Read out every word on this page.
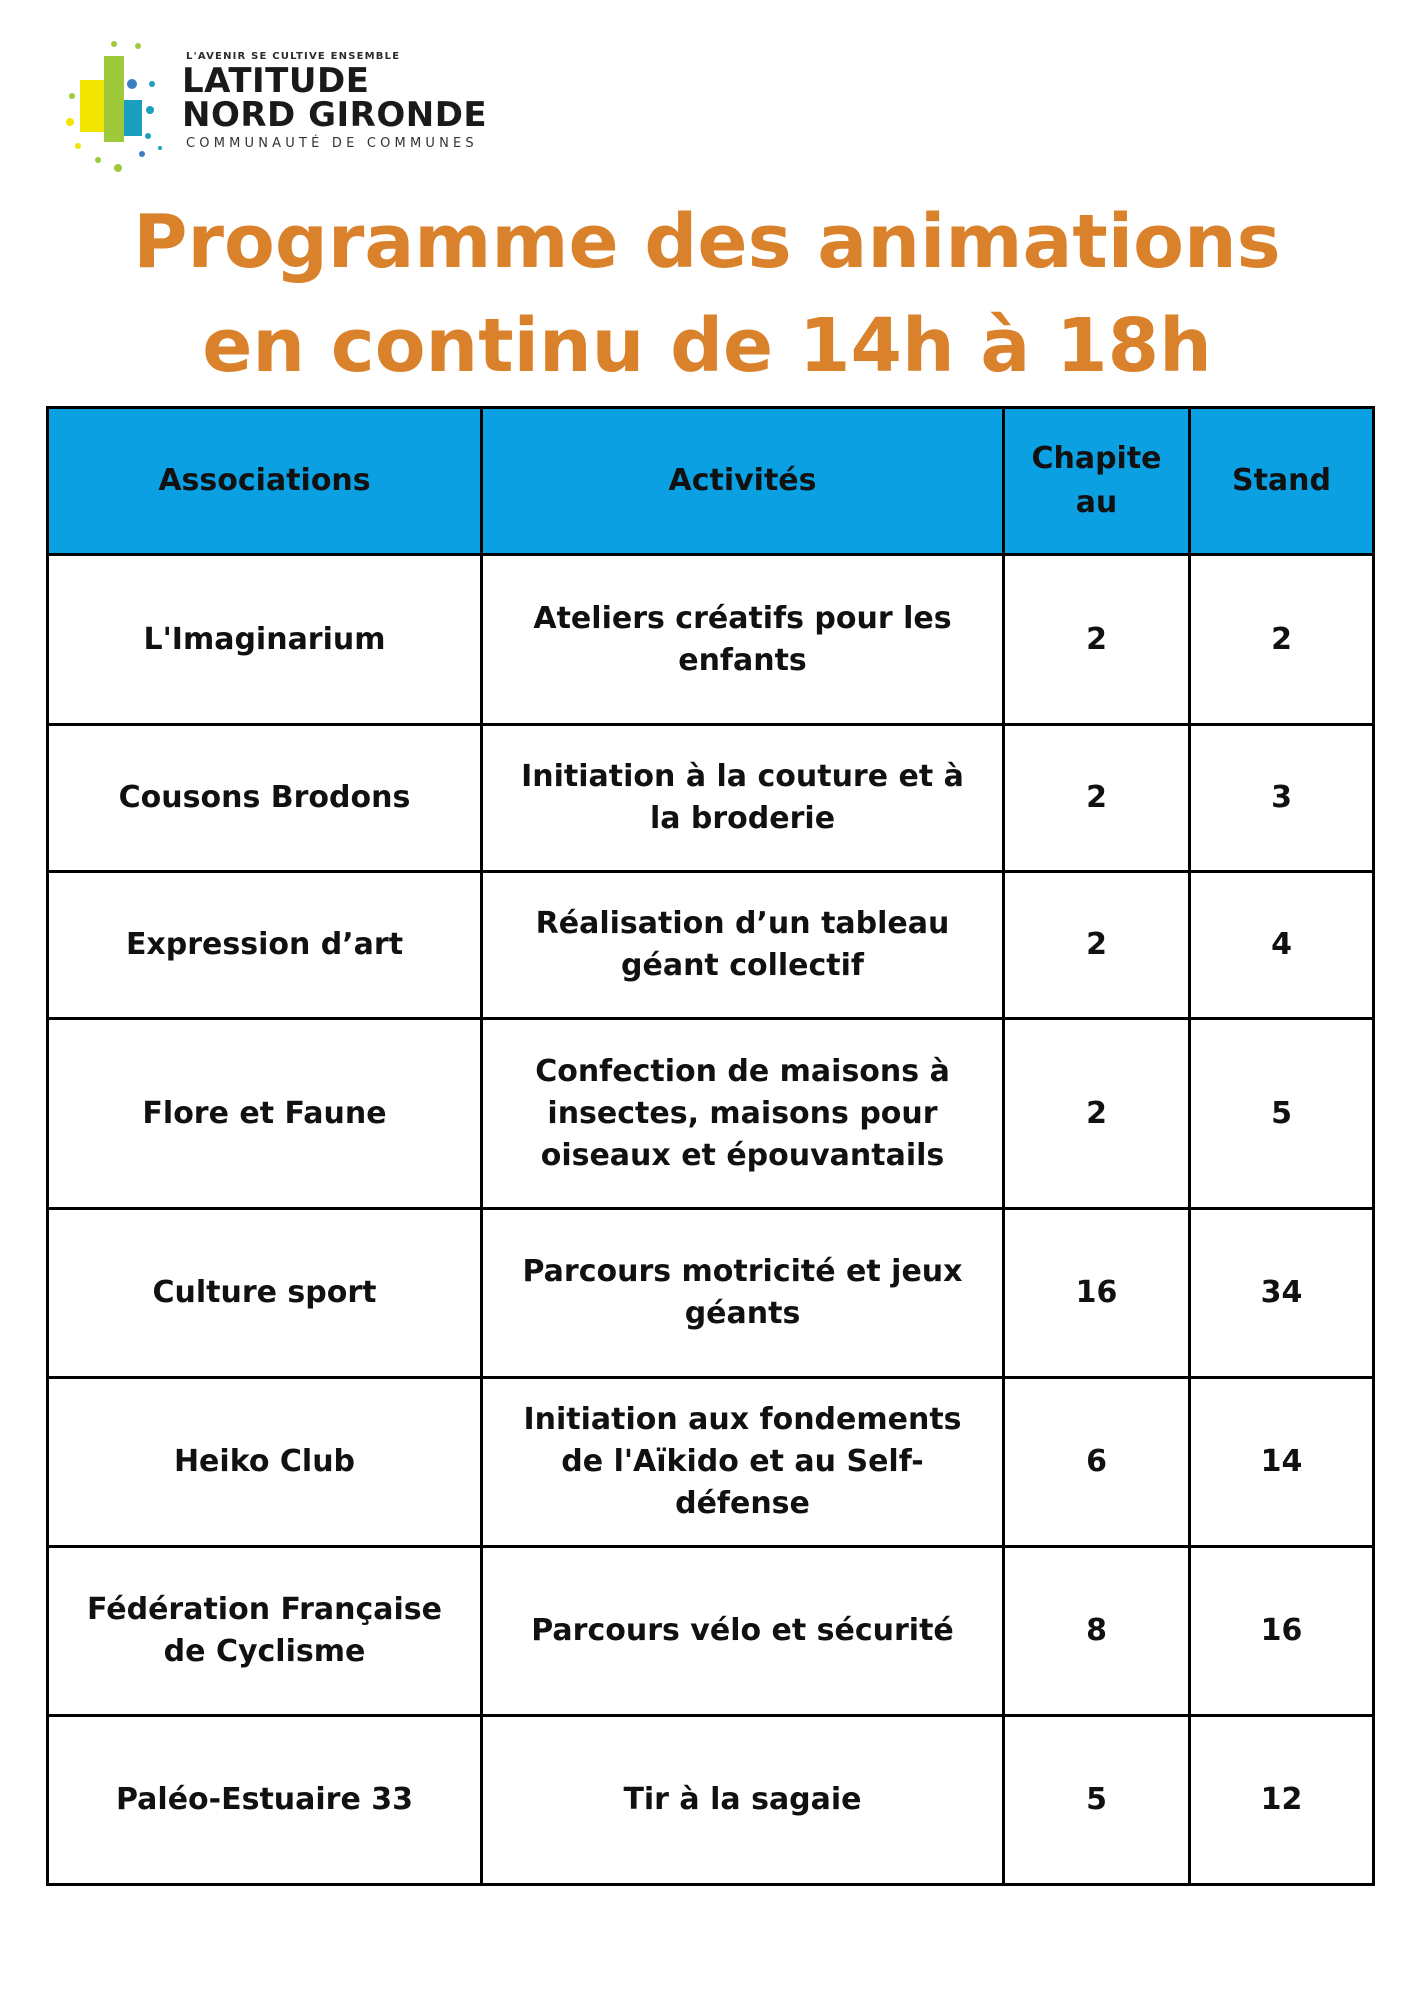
L'AVENIR SE CULTIVE ENSEMBLE
LATITUDE
NORD GIRONDE
COMMUNAUTÉ DE COMMUNES
Programme des animations
en continu de 14h à 18h
Associations	Activités	Chapite au	Stand
L'Imaginarium	Ateliers créatifs pour les enfants	2	2
Cousons Brodons	Initiation à la couture et à la broderie	2	3
Expression d’art	Réalisation d’un tableau géant collectif	2	4
Flore et Faune	Confection de maisons à insectes, maisons pour oiseaux et épouvantails	2	5
Culture sport	Parcours motricité et jeux géants	16	34
Heiko Club	Initiation aux fondements de l'Aïkido et au Self-défense	6	14
Fédération Française de Cyclisme	Parcours vélo et sécurité	8	16
Paléo-Estuaire 33	Tir à la sagaie	5	12
